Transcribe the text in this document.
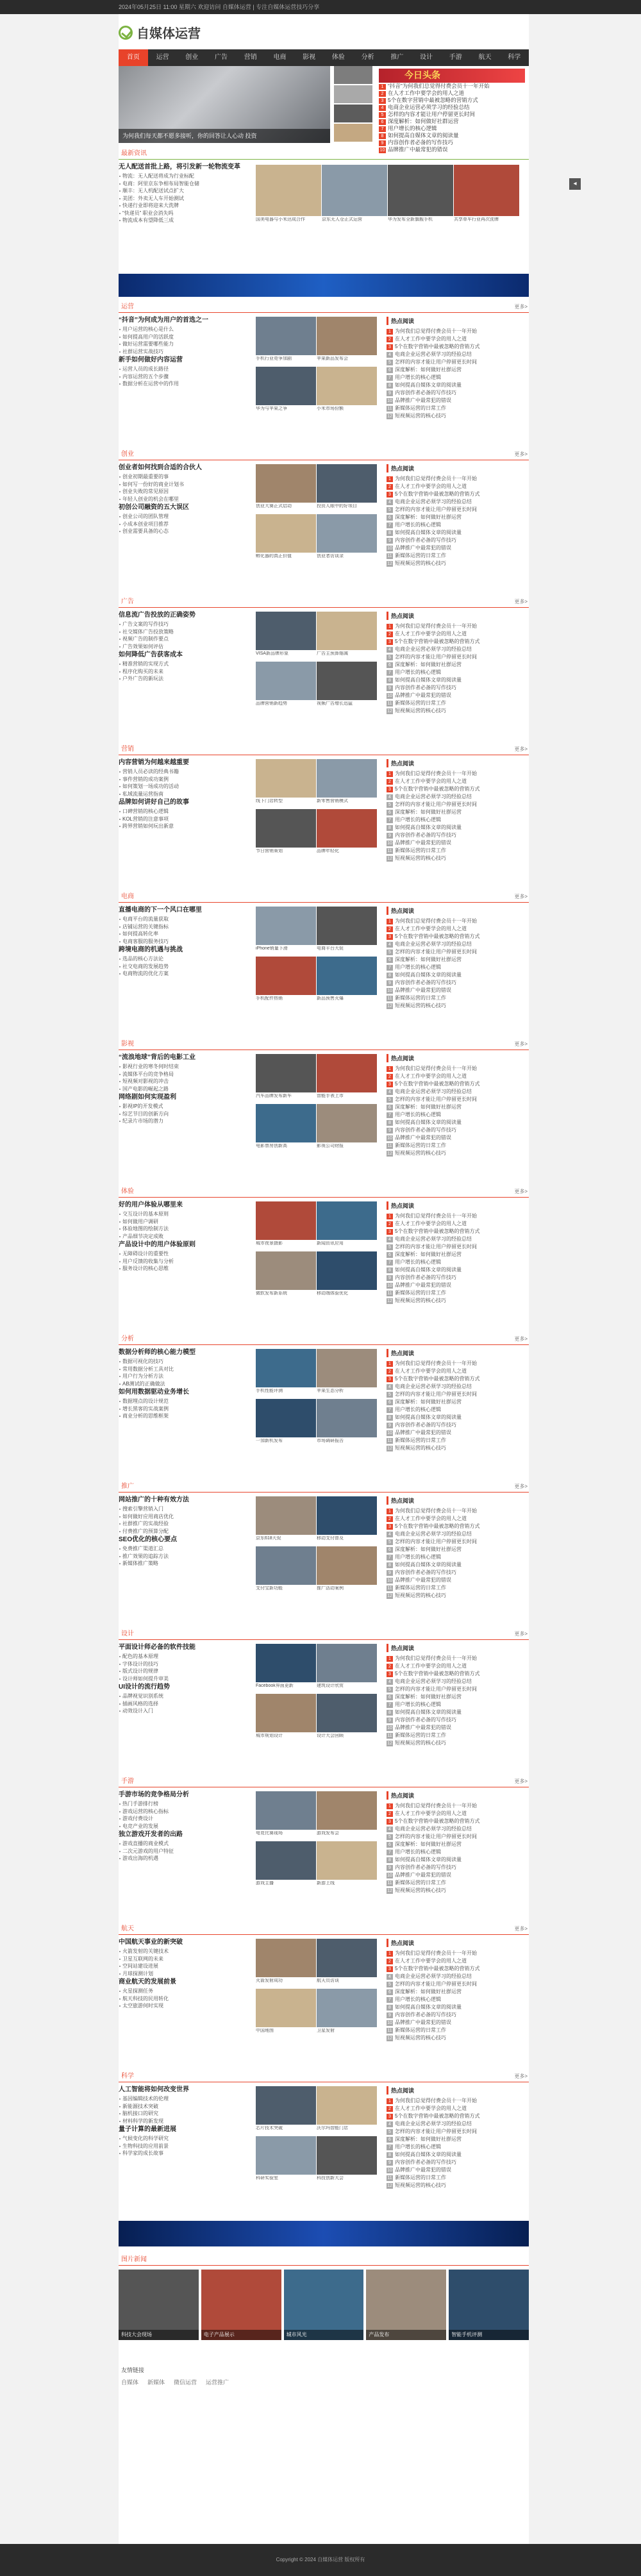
2024年05月25日 11:00 星期六 欢迎访问 自媒体运营 | 专注自媒体运营技巧分享
自媒体运营
首页	运营	创业	广告	营销	电商	影视	体验	分析	推广	设计	手游	航天	科学
为何我们每天都不愿多接听，你的回答让人心动 投资
今日头条
1 “抖音”为何我们总觉得付费会员十一年开始
2 在人才工作中要学会的用人之道
3 5个在数字营销中最被忽略的营销方式
4 电商企业运营必须学习的经验总结
5 怎样的内容才能让用户停留更长时间
6 深度解析：如何做好社群运营
7 用户增长的核心逻辑
8 如何提高自媒体文章的阅读量
9 内容创作者必备的写作技巧
10 品牌推广中最常犯的错误
最新资讯
无人配送首批上路，将引发新一轮物流变革
物流：无人配送将成为行业标配
电商：阿里京东争相布局智能仓储
顺丰：无人机配送试点扩大
美团：外卖无人车开始测试
快递行业即将迎来大洗牌
“快递员” 职业会消失吗
物流成本有望降低三成	国美电器与小米达成合作	京东无人仓正式运营	华为发布全新旗舰手机	共享单车行业再次洗牌
运营	更多>
“抖音”为何成为用户的首选之一
用户运营的核心是什么
如何提高用户的活跃度
做好运营需要哪些能力
社群运营实战技巧
新手如何做好内容运营
运营人员的成长路径
内容运营的五个步骤
数据分析在运营中的作用
手机行业竞争加剧	苹果新品发布会
华为与苹果之争	小米市场份额
热点阅读
1 为何我们总觉得付费会员十一年开始
2 在人才工作中要学会的用人之道
3 5个在数字营销中最被忽略的营销方式
4 电商企业运营必须学习的经验总结
5 怎样的内容才能让用户停留更长时间
6 深度解析：如何做好社群运营
7 用户增长的核心逻辑
8 如何提高自媒体文章的阅读量
9 内容创作者必备的写作技巧
10 品牌推广中最常犯的错误
11 新媒体运营的日常工作
12 短视频运营的核心技巧
创业	更多>
创业者如何找到合适的合伙人
创业初期最重要的事
如何写一份好的商业计划书
创业失败的常见原因
年轻人创业的机会在哪里
初创公司融资的五大误区
创业公司的团队管理
小成本创业项目推荐
创业需要具备的心态
创业大赛正式启动	投资人眼中的好项目
孵化器的真正价值	创业者访谈录
热点阅读
1 为何我们总觉得付费会员十一年开始
2 在人才工作中要学会的用人之道
3 5个在数字营销中最被忽略的营销方式
4 电商企业运营必须学习的经验总结
5 怎样的内容才能让用户停留更长时间
6 深度解析：如何做好社群运营
7 用户增长的核心逻辑
8 如何提高自媒体文章的阅读量
9 内容创作者必备的写作技巧
10 品牌推广中最常犯的错误
11 新媒体运营的日常工作
12 短视频运营的核心技巧
广告	更多>
信息流广告投放的正确姿势
广告文案的写作技巧
社交媒体广告投放策略
视频广告的制作要点
广告效果如何评估
如何降低广告获客成本
精准营销的实现方式
程序化购买的未来
户外广告的新玩法
VISA新品牌形象	广告主预算缩减
品牌营销新趋势	视频广告增长迅猛
热点阅读
1 为何我们总觉得付费会员十一年开始
2 在人才工作中要学会的用人之道
3 5个在数字营销中最被忽略的营销方式
4 电商企业运营必须学习的经验总结
5 怎样的内容才能让用户停留更长时间
6 深度解析：如何做好社群运营
7 用户增长的核心逻辑
8 如何提高自媒体文章的阅读量
9 内容创作者必备的写作技巧
10 品牌推广中最常犯的错误
11 新媒体运营的日常工作
12 短视频运营的核心技巧
营销	更多>
内容营销为何越来越重要
营销人员必读的经典书籍
事件营销的成功案例
如何策划一场成功的活动
私域流量运营指南
品牌如何讲好自己的故事
口碑营销的核心逻辑
KOL营销的注意事项
跨界营销如何玩出新意
线下门店转型	新零售营销模式
节日营销策划	品牌年轻化
热点阅读
1 为何我们总觉得付费会员十一年开始
2 在人才工作中要学会的用人之道
3 5个在数字营销中最被忽略的营销方式
4 电商企业运营必须学习的经验总结
5 怎样的内容才能让用户停留更长时间
6 深度解析：如何做好社群运营
7 用户增长的核心逻辑
8 如何提高自媒体文章的阅读量
9 内容创作者必备的写作技巧
10 品牌推广中最常犯的错误
11 新媒体运营的日常工作
12 短视频运营的核心技巧
电商	更多>
直播电商的下一个风口在哪里
电商平台的流量获取
店铺运营的关键指标
如何提高转化率
电商客服的服务技巧
跨境电商的机遇与挑战
选品的核心方法论
社交电商的发展趋势
电商物流的优化方案
iPhone销量下滑	电商平台大促
手机配件热销	新品预售火爆
热点阅读
1 为何我们总觉得付费会员十一年开始
2 在人才工作中要学会的用人之道
3 5个在数字营销中最被忽略的营销方式
4 电商企业运营必须学习的经验总结
5 怎样的内容才能让用户停留更长时间
6 深度解析：如何做好社群运营
7 用户增长的核心逻辑
8 如何提高自媒体文章的阅读量
9 内容创作者必备的写作技巧
10 品牌推广中最常犯的错误
11 新媒体运营的日常工作
12 短视频运营的核心技巧
影视	更多>
“流浪地球”背后的电影工业
影视行业的寒冬何时结束
流媒体平台的竞争格局
短视频对影视的冲击
国产电影的崛起之路
网络剧如何实现盈利
影视IP的开发模式
综艺节目的创新方向
纪录片市场的潜力
汽车品牌发布新车	智能手表上市
电影票房创新高	影视公司财报
热点阅读
1 为何我们总觉得付费会员十一年开始
2 在人才工作中要学会的用人之道
3 5个在数字营销中最被忽略的营销方式
4 电商企业运营必须学习的经验总结
5 怎样的内容才能让用户停留更长时间
6 深度解析：如何做好社群运营
7 用户增长的核心逻辑
8 如何提高自媒体文章的阅读量
9 内容创作者必备的写作技巧
10 品牌推广中最常犯的错误
11 新媒体运营的日常工作
12 短视频运营的核心技巧
体验	更多>
好的用户体验从哪里来
交互设计的基本原则
如何做用户调研
体验地图的绘制方法
产品细节决定成败
产品设计中的用户体验原则
无障碍设计的重要性
用户反馈的收集与分析
服务设计的核心思维
城市夜景摄影	新闻资讯应用
微软发布新系统	移动端体验优化
热点阅读
1 为何我们总觉得付费会员十一年开始
2 在人才工作中要学会的用人之道
3 5个在数字营销中最被忽略的营销方式
4 电商企业运营必须学习的经验总结
5 怎样的内容才能让用户停留更长时间
6 深度解析：如何做好社群运营
7 用户增长的核心逻辑
8 如何提高自媒体文章的阅读量
9 内容创作者必备的写作技巧
10 品牌推广中最常犯的错误
11 新媒体运营的日常工作
12 短视频运营的核心技巧
分析	更多>
数据分析师的核心能力模型
数据可视化的技巧
常用数据分析工具对比
用户行为分析方法
AB测试的正确做法
如何用数据驱动业务增长
数据埋点的设计规范
增长黑客的实战案例
商业分析的思维框架
手机性能评测	苹果生态分析
一加新机发布	市场调研报告
热点阅读
1 为何我们总觉得付费会员十一年开始
2 在人才工作中要学会的用人之道
3 5个在数字营销中最被忽略的营销方式
4 电商企业运营必须学习的经验总结
5 怎样的内容才能让用户停留更长时间
6 深度解析：如何做好社群运营
7 用户增长的核心逻辑
8 如何提高自媒体文章的阅读量
9 内容创作者必备的写作技巧
10 品牌推广中最常犯的错误
11 新媒体运营的日常工作
12 短视频运营的核心技巧
推广	更多>
网站推广的十种有效方法
搜索引擎营销入门
如何做好应用商店优化
社群推广的实战经验
付费推广的预算分配
SEO优化的核心要点
免费推广渠道汇总
推广效果的追踪方法
新媒体推广策略
京东618大促	移动支付普及
支付宝新功能	推广活动案例
热点阅读
1 为何我们总觉得付费会员十一年开始
2 在人才工作中要学会的用人之道
3 5个在数字营销中最被忽略的营销方式
4 电商企业运营必须学习的经验总结
5 怎样的内容才能让用户停留更长时间
6 深度解析：如何做好社群运营
7 用户增长的核心逻辑
8 如何提高自媒体文章的阅读量
9 内容创作者必备的写作技巧
10 品牌推广中最常犯的错误
11 新媒体运营的日常工作
12 短视频运营的核心技巧
设计	更多>
平面设计师必备的软件技能
配色的基本原理
字体设计的技巧
版式设计的规律
设计师如何提升审美
UI设计的流行趋势
品牌视觉识别系统
插画风格的选择
动效设计入门
Facebook界面更新	建筑设计欣赏
城市规划设计	设计大会回顾
热点阅读
1 为何我们总觉得付费会员十一年开始
2 在人才工作中要学会的用人之道
3 5个在数字营销中最被忽略的营销方式
4 电商企业运营必须学习的经验总结
5 怎样的内容才能让用户停留更长时间
6 深度解析：如何做好社群运营
7 用户增长的核心逻辑
8 如何提高自媒体文章的阅读量
9 内容创作者必备的写作技巧
10 品牌推广中最常犯的错误
11 新媒体运营的日常工作
12 短视频运营的核心技巧
手游	更多>
手游市场的竞争格局分析
热门手游排行榜
游戏运营的核心指标
游戏付费设计
电竞产业的发展
独立游戏开发者的出路
游戏直播的商业模式
二次元游戏的用户特征
游戏出海的机遇
电竞比赛现场	游戏发布会
游戏主播	新游上线
热点阅读
1 为何我们总觉得付费会员十一年开始
2 在人才工作中要学会的用人之道
3 5个在数字营销中最被忽略的营销方式
4 电商企业运营必须学习的经验总结
5 怎样的内容才能让用户停留更长时间
6 深度解析：如何做好社群运营
7 用户增长的核心逻辑
8 如何提高自媒体文章的阅读量
9 内容创作者必备的写作技巧
10 品牌推广中最常犯的错误
11 新媒体运营的日常工作
12 短视频运营的核心技巧
航天	更多>
中国航天事业的新突破
火箭发射的关键技术
卫星互联网的未来
空间站建设进展
月球探测计划
商业航天的发展前景
火星探测任务
航天科技的民用转化
太空旅游何时实现
火箭发射成功	航天员访谈
中国地图	卫星发射
热点阅读
1 为何我们总觉得付费会员十一年开始
2 在人才工作中要学会的用人之道
3 5个在数字营销中最被忽略的营销方式
4 电商企业运营必须学习的经验总结
5 怎样的内容才能让用户停留更长时间
6 深度解析：如何做好社群运营
7 用户增长的核心逻辑
8 如何提高自媒体文章的阅读量
9 内容创作者必备的写作技巧
10 品牌推广中最常犯的错误
11 新媒体运营的日常工作
12 短视频运营的核心技巧
科学	更多>
人工智能将如何改变世界
基因编辑技术的伦理
新能源技术突破
脑机接口的研究
材料科学的新发现
量子计算的最新进展
气候变化的科学研究
生物科技的应用前景
科学家的成长故事
芯片技术突破	沃尔玛智能门店
科研实验室	科技创新大会
热点阅读
1 为何我们总觉得付费会员十一年开始
2 在人才工作中要学会的用人之道
3 5个在数字营销中最被忽略的营销方式
4 电商企业运营必须学习的经验总结
5 怎样的内容才能让用户停留更长时间
6 深度解析：如何做好社群运营
7 用户增长的核心逻辑
8 如何提高自媒体文章的阅读量
9 内容创作者必备的写作技巧
10 品牌推广中最常犯的错误
11 新媒体运营的日常工作
12 短视频运营的核心技巧
图片新闻
科技大会现场	电子产品展示	城市风光	产品发布	智能手机评测
友情链接
自媒体 新媒体 微信运营 运营推广
◂
Copyright © 2024 自媒体运营 版权所有
